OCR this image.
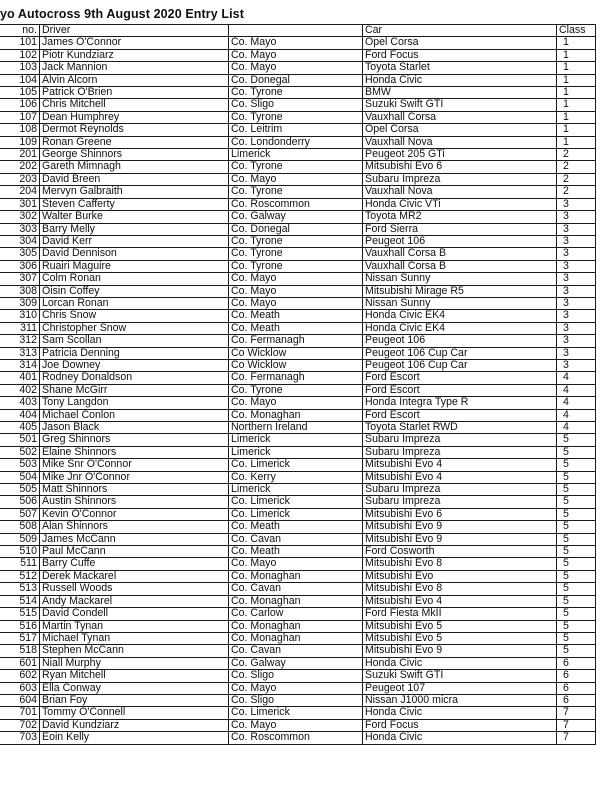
yo Autocross 9th August 2020 Entry List
no.	Driver		Car	Class
101	James O'Connor	Co. Mayo	Opel Corsa	1
102	Piotr Kundziarz	Co. Mayo	Ford Focus	1
103	Jack Mannion	Co. Mayo	Toyota Starlet	1
104	Alvin Alcorn	Co. Donegal	Honda Civic	1
105	Patrick O'Brien	Co. Tyrone	BMW	1
106	Chris Mitchell	Co. Sligo	Suzuki Swift GTI	1
107	Dean Humphrey	Co. Tyrone	Vauxhall Corsa	1
108	Dermot Reynolds	Co. Leitrim	Opel Corsa	1
109	Ronan Greene	Co. Londonderry	Vauxhall Nova	1
201	George Shinnors	Limerick	Peugeot 205 GTi	2
202	Gareth Mimnagh	Co. Tyrone	Mitsubishi Evo 6	2
203	David Breen	Co. Mayo	Subaru Impreza	2
204	Mervyn Galbraith	Co. Tyrone	Vauxhall Nova	2
301	Steven Cafferty	Co. Roscommon	Honda Civic VTi	3
302	Walter Burke	Co. Galway	Toyota MR2	3
303	Barry Melly	Co. Donegal	Ford Sierra	3
304	David Kerr	Co. Tyrone	Peugeot 106	3
305	David Dennison	Co. Tyrone	Vauxhall Corsa B	3
306	Ruairi Maguire	Co. Tyrone	Vauxhall Corsa B	3
307	Colm Ronan	Co. Mayo	Nissan Sunny	3
308	Oisin Coffey	Co. Mayo	Mitsubishi Mirage R5	3
309	Lorcan Ronan	Co. Mayo	Nissan Sunny	3
310	Chris Snow	Co. Meath	Honda Civic EK4	3
311	Christopher Snow	Co. Meath	Honda Civic EK4	3
312	Sam Scollan	Co. Fermanagh	Peugeot 106	3
313	Patricia Denning	Co Wicklow	Peugeot 106 Cup Car	3
314	Joe Downey	Co Wicklow	Peugeot 106 Cup Car	3
401	Rodney Donaldson	Co. Fermanagh	Ford Escort	4
402	Shane McGirr	Co. Tyrone	Ford Escort	4
403	Tony Langdon	Co. Mayo	Honda Integra Type R	4
404	Michael Conlon	Co. Monaghan	Ford Escort	4
405	Jason Black	Northern Ireland	Toyota Starlet RWD	4
501	Greg Shinnors	Limerick	Subaru Impreza	5
502	Elaine Shinnors	Limerick	Subaru Impreza	5
503	Mike Snr O'Connor	Co. Limerick	Mitsubishi Evo 4	5
504	Mike Jnr O'Connor	Co. Kerry	Mitsubishi Evo 4	5
505	Matt Shinnors	Limerick	Subaru Impreza	5
506	Austin Shinnors	Co. Limerick	Subaru Impreza	5
507	Kevin O'Connor	Co. Limerick	Mitsubishi Evo 6	5
508	Alan Shinnors	Co. Meath	Mitsubishi Evo 9	5
509	James McCann	Co. Cavan	Mitsubishi Evo 9	5
510	Paul McCann	Co. Meath	Ford Cosworth	5
511	Barry Cuffe	Co. Mayo	Mitsubishi Evo 8	5
512	Derek Mackarel	Co. Monaghan	Mitsubishi Evo	5
513	Russell Woods	Co. Cavan	Mitsubishi Evo 8	5
514	Andy Mackarel	Co. Monaghan	Mitsubishi Evo 4	5
515	David Condell	Co. Carlow	Ford Fiesta MkII	5
516	Martin Tynan	Co. Monaghan	Mitsubishi Evo 5	5
517	Michael Tynan	Co. Monaghan	Mitsubishi Evo 5	5
518	Stephen McCann	Co. Cavan	Mitsubishi Evo 9	5
601	Niall Murphy	Co. Galway	Honda Civic	6
602	Ryan Mitchell	Co. Sligo	Suzuki Swift GTI	6
603	Ella Conway	Co. Mayo	Peugeot 107	6
604	Brian Foy	Co. Sligo	Nissan J1000 micra	6
701	Tommy O'Connell	Co. Limerick	Honda Civic	7
702	David Kundziarz	Co. Mayo	Ford Focus	7
703	Eoin Kelly	Co. Roscommon	Honda Civic	7
